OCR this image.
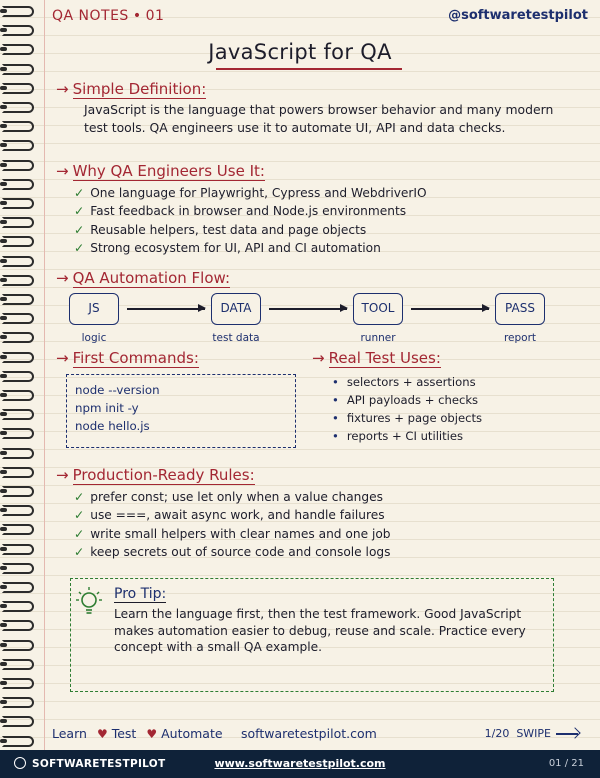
QA NOTES • 01	@softwaretestpilot
JavaScript for QA
→ Simple Definition:
JavaScript is the language that powers browser behavior and many modern test tools. QA engineers use it to automate UI, API and data checks.
→ Why QA Engineers Use It:
✓ One language for Playwright, Cypress and WebdriverIO
✓ Fast feedback in browser and Node.js environments
✓ Reusable helpers, test data and page objects
✓ Strong ecosystem for UI, API and CI automation
→ QA Automation Flow:
JS	DATA	TOOL	PASS
logic	test data	runner	report
→ First Commands:
node --version
npm init -y
node hello.js
→ Real Test Uses:
• selectors + assertions
• API payloads + checks
• fixtures + page objects
• reports + CI utilities
→ Production-Ready Rules:
✓ prefer const; use let only when a value changes
✓ use ===, await async work, and handle failures
✓ write small helpers with clear names and one job
✓ keep secrets out of source code and console logs
Pro Tip:
Learn the language first, then the test framework. Good JavaScript makes automation easier to debug, reuse and scale. Practice every concept with a small QA example.
Learn ♥ Test ♥ Automate softwaretestpilot.com	1/20 SWIPE
SOFTWARETESTPILOT	www.softwaretestpilot.com	01 / 21
